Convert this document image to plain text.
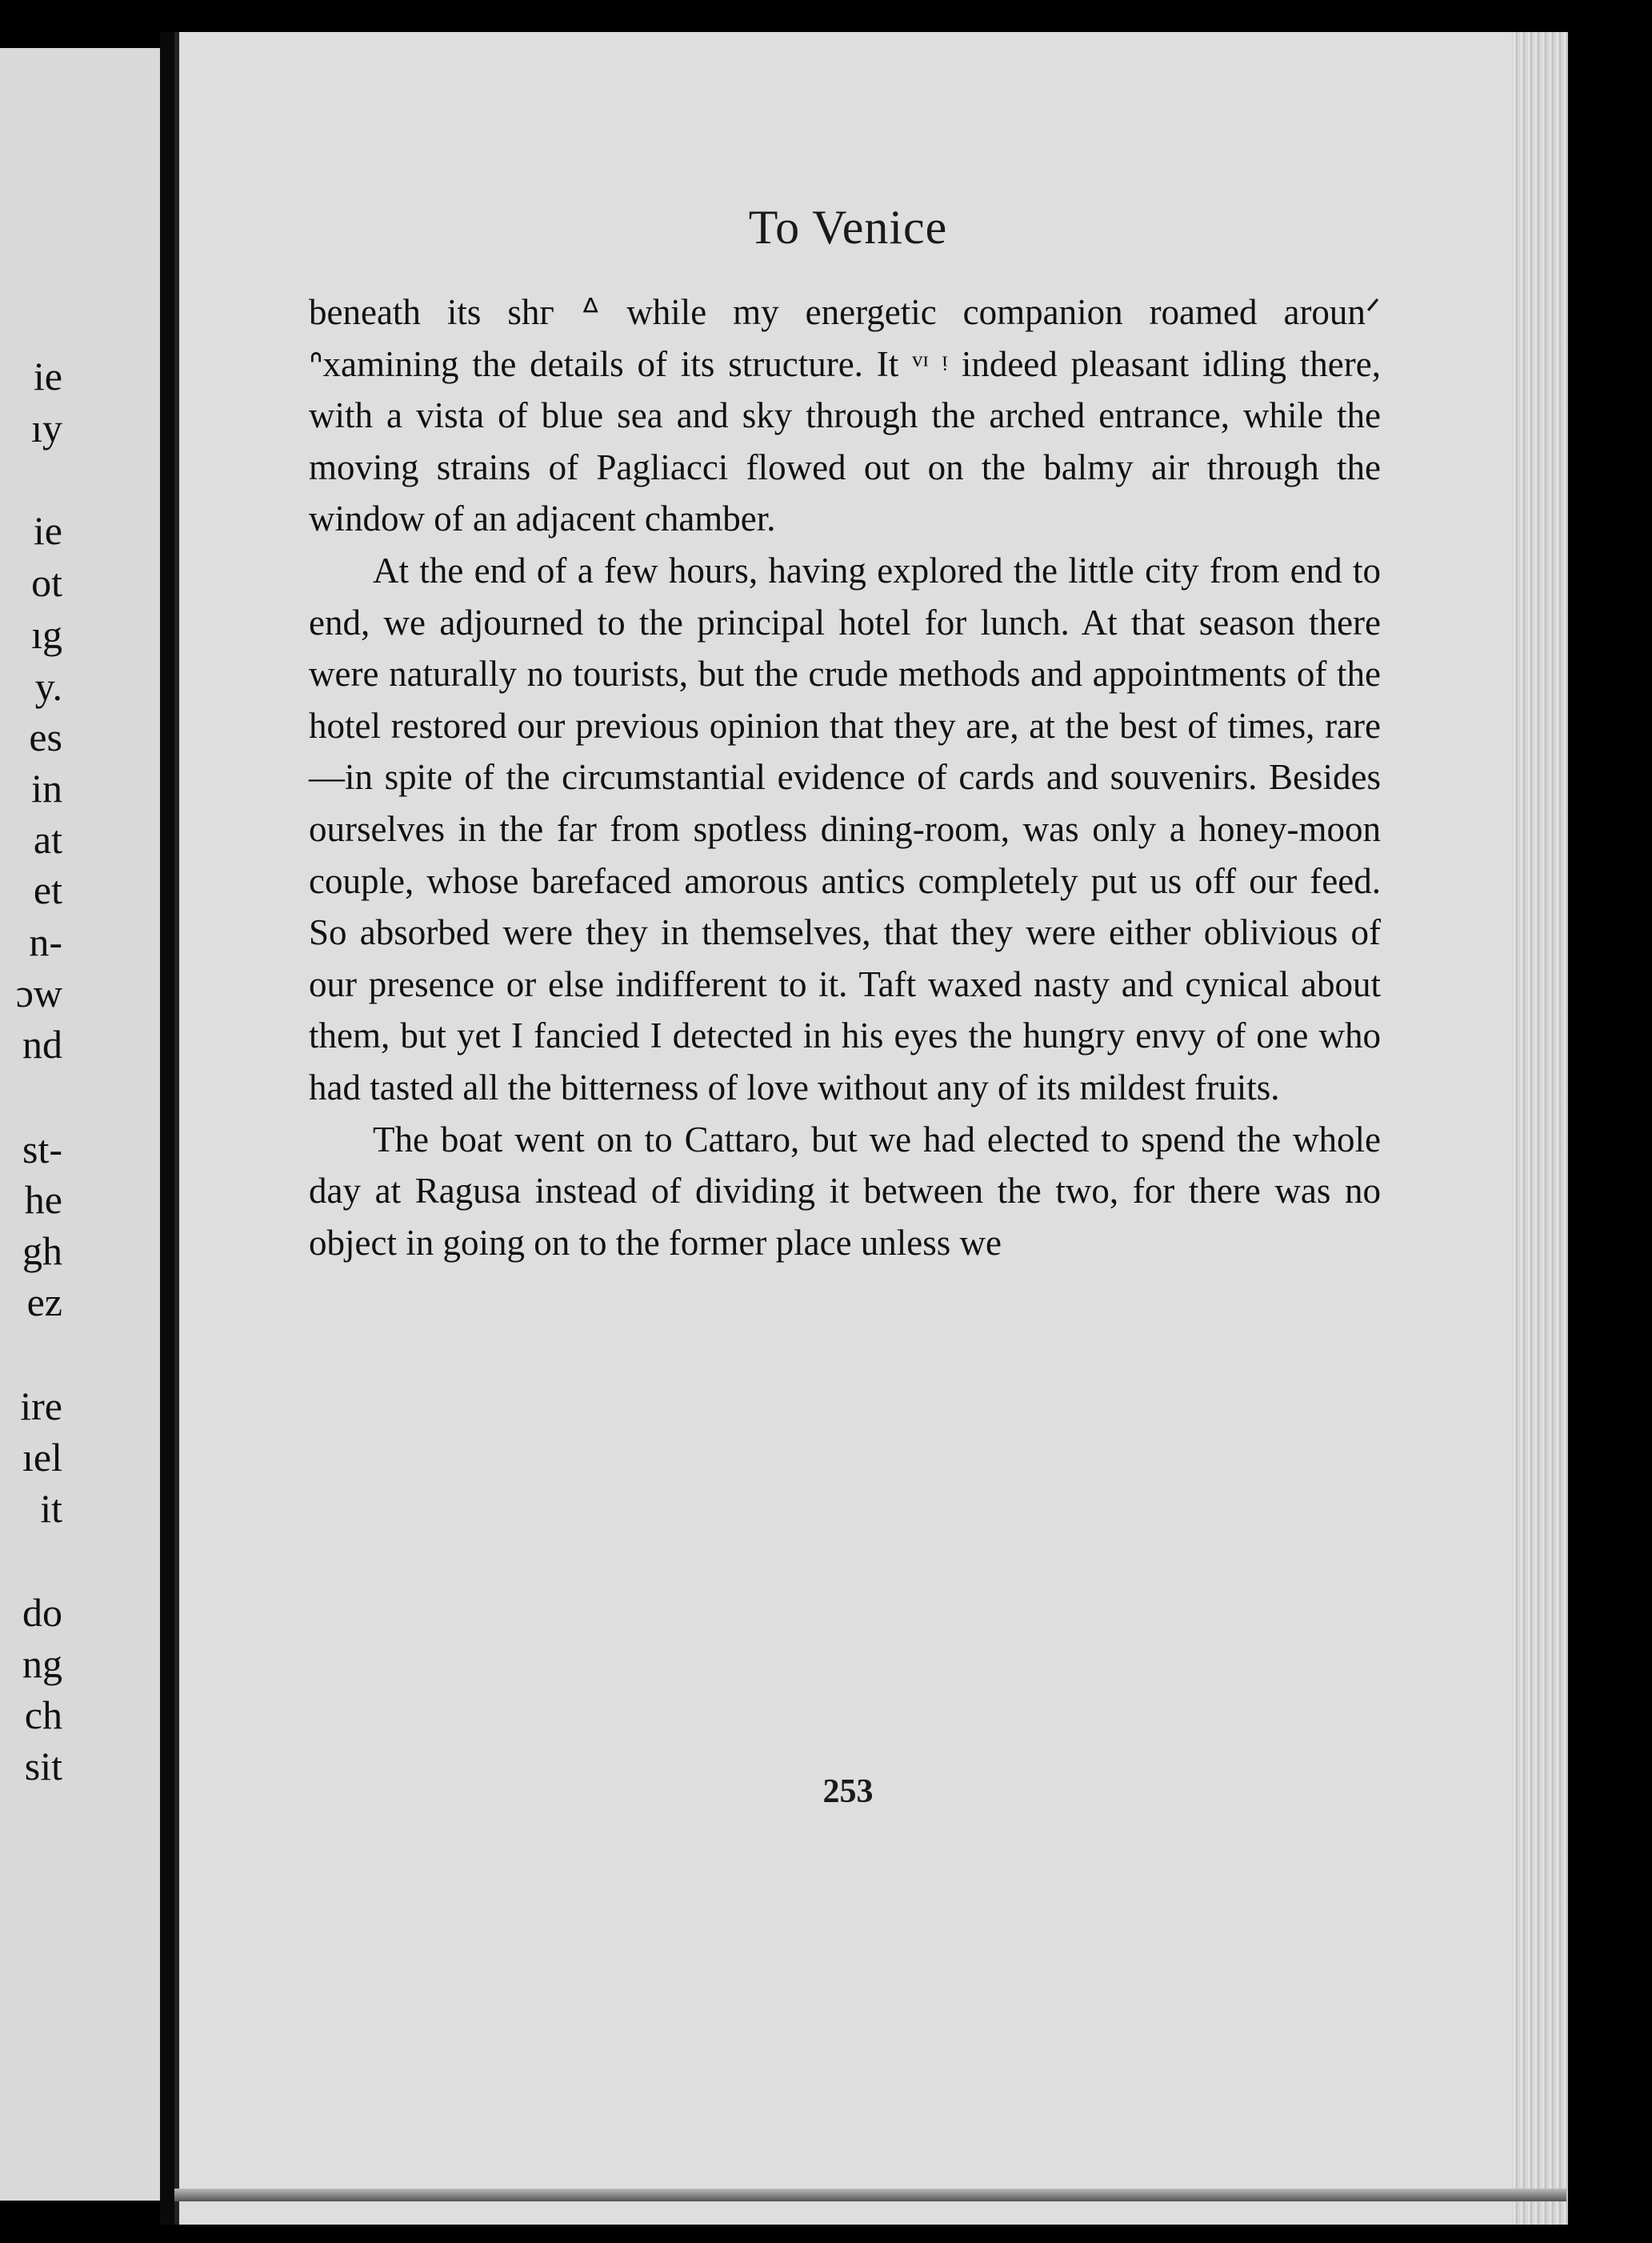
ie
ıy
ie
ot
ıg
y.
es
in
at
et
n-
ɔw
nd
st-
he
gh
ez
ire
ıel
it
do
ng
ch
sit
To Venice

beneath its shᴦ ᐞ while my energetic companion roamed aroun᠎ᐟ ᐢxamining the details of its structure. It ᵛᶦ ᵎ indeed pleasant idling there, with a vista of blue sea and sky through the arched entrance, while the moving strains of Pagliacci flowed out on the balmy air through the window of an adjacent chamber.

At the end of a few hours, having explored the little city from end to end, we adjourned to the principal hotel for lunch. At that season there were naturally no tourists, but the crude methods and appointments of the hotel restored our previous opinion that they are, at the best of times, rare—in spite of the circumstantial evidence of cards and souvenirs. Besides ourselves in the far from spotless dining-room, was only a honey-moon couple, whose barefaced amorous antics completely put us off our feed. So absorbed were they in themselves, that they were either oblivious of our presence or else indifferent to it. Taft waxed nasty and cynical about them, but yet I fancied I detected in his eyes the hungry envy of one who had tasted all the bitterness of love without any of its mildest fruits.

The boat went on to Cattaro, but we had elected to spend the whole day at Ragusa instead of dividing it between the two, for there was no object in going on to the former place unless we

253
